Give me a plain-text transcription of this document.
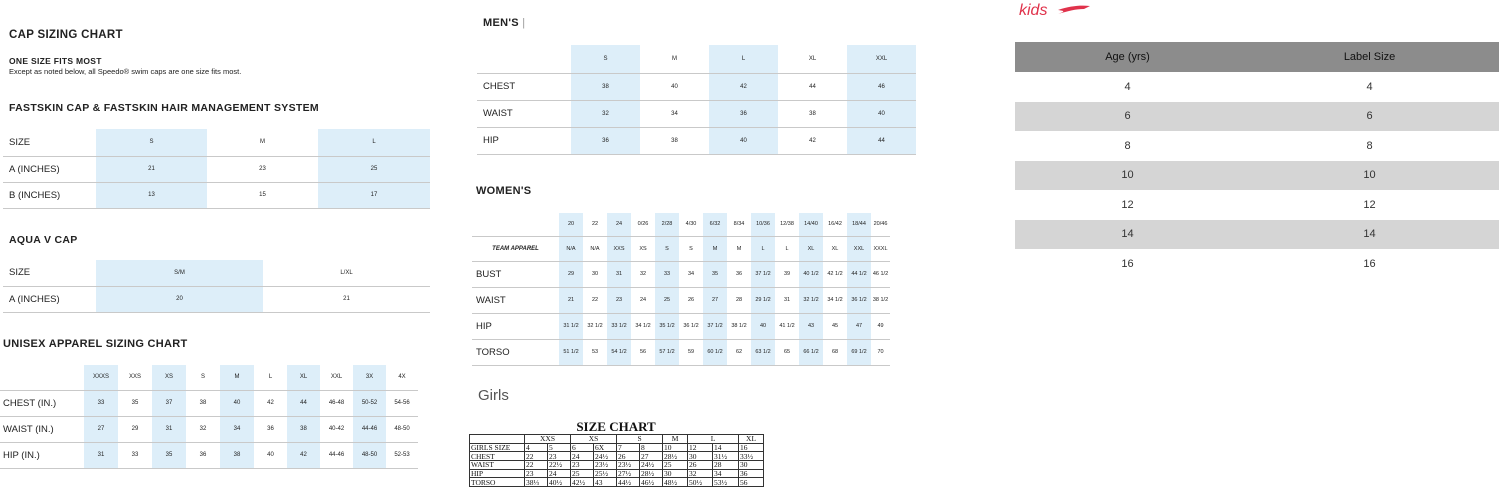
CAP SIZING CHART
ONE SIZE FITS MOST
Except as noted below, all Speedo® swim caps are one size fits most.
FASTSKIN CAP & FASTSKIN HAIR MANAGEMENT SYSTEM
SIZE	S	M	L
A (INCHES)	21	23	25
B (INCHES)	13	15	17
AQUA V CAP
SIZE	S/M	L/XL
A (INCHES)	20	21
UNISEX APPAREL SIZING CHART
	XXXS	XXS	XS	S	M	L	XL	XXL	3X	4X
CHEST (IN.)	33	35	37	38	40	42	44	46-48	50-52	54-56
WAIST (IN.)	27	29	31	32	34	36	38	40-42	44-46	48-50
HIP (IN.)	31	33	35	36	38	40	42	44-46	48-50	52-53
MEN'S |
	S	M	L	XL	XXL
CHEST	38	40	42	44	46
WAIST	32	34	36	38	40
HIP	36	38	40	42	44
WOMEN'S
	20	22	24	0/26	2/28	4/30	6/32	8/34	10/36	12/38	14/40	16/42	18/44	20/46
TEAM APPAREL	N/A	N/A	XXS	XS	S	S	M	M	L	L	XL	XL	XXL	XXXL
BUST	29	30	31	32	33	34	35	36	37 1/2	39	40 1/2	42 1/2	44 1/2	46 1/2
WAIST	21	22	23	24	25	26	27	28	29 1/2	31	32 1/2	34 1/2	36 1/2	38 1/2
HIP	31 1/2	32 1/2	33 1/2	34 1/2	35 1/2	36 1/2	37 1/2	38 1/2	40	41 1/2	43	45	47	49
TORSO	51 1/2	53	54 1/2	56	57 1/2	59	60 1/2	62	63 1/2	65	66 1/2	68	69 1/2	70
Girls
SIZE CHART
	XXS		XS		S		M	L		XL
GIRLS SIZE	4	5	6	6X	7	8	10	12	14	16
CHEST	22	23	24	24½	26	27	28½	30	31½	33½
WAIST	22	22½	23	23½	23½	24½	25	26	28	30
HIP	23	24	25	25½	27½	28½	30	32	34	36
TORSO	38⅓	40½	42½	43	44½	46½	48½	50½	53½	56
kids
Age (yrs)	Label Size
4	4
6	6
8	8
10	10
12	12
14	14
16	16
